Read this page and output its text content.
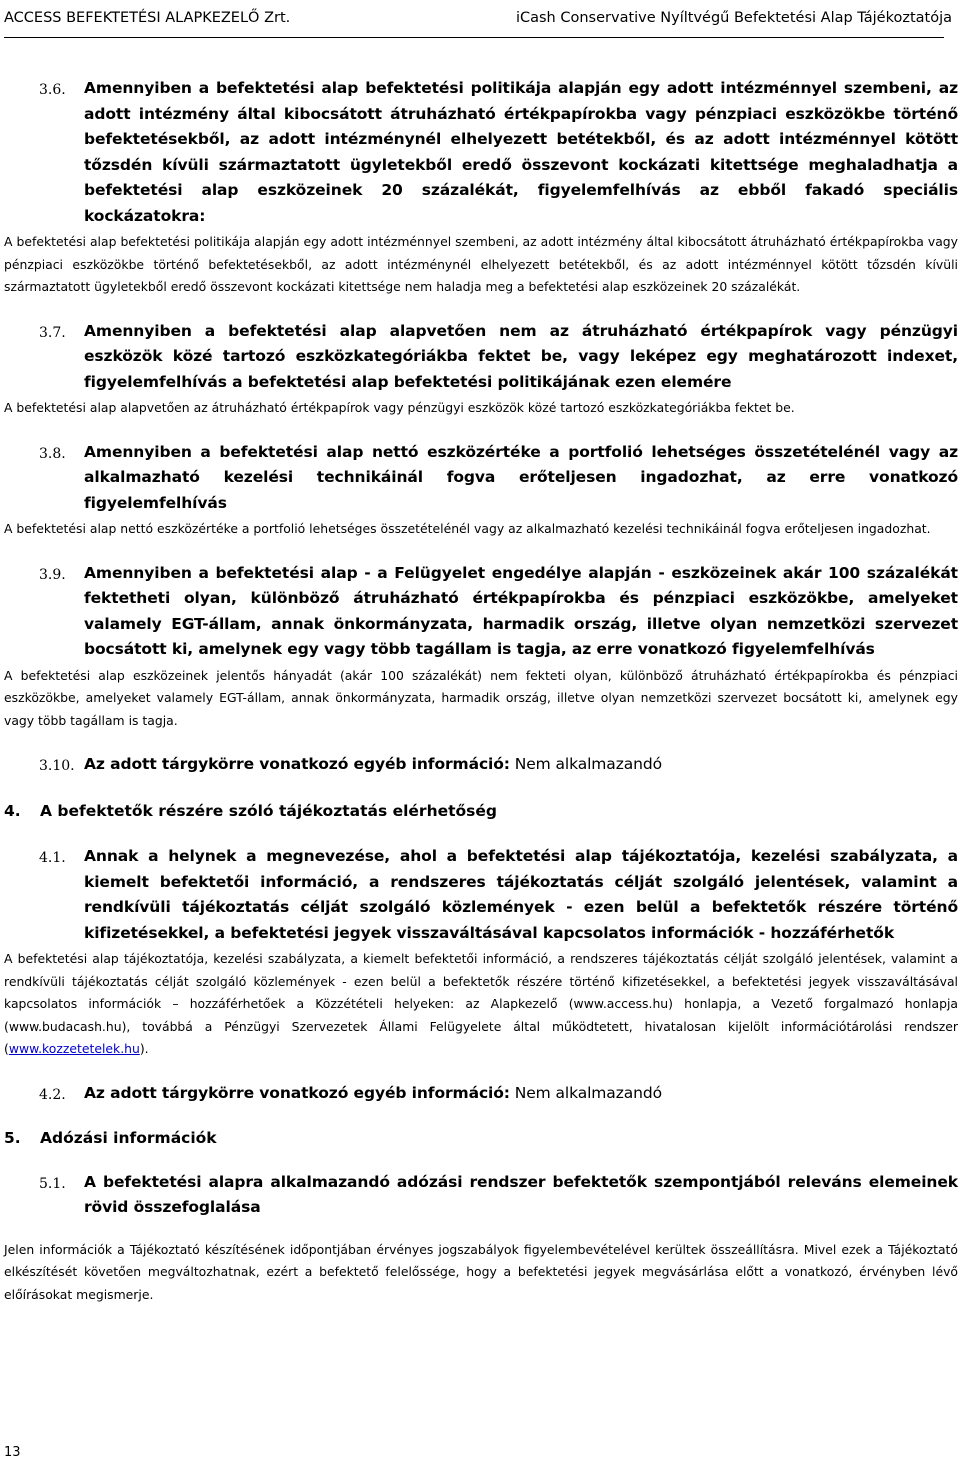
ACCESS BEFEKTETÉSI ALAPKEZELŐ Zrt.	iCash Conservative Nyíltvégű Befektetési Alap Tájékoztatója
3.6.	Amennyiben a befektetési alap befektetési politikája alapján egy adott intézménnyel szembeni, az adott intézmény által kibocsátott átruházható értékpapírokba vagy pénzpiaci eszközökbe történő befektetésekből, az adott intézménynél elhelyezett betétekből, és az adott intézménnyel kötött tőzsdén kívüli származtatott ügyletekből eredő összevont kockázati kitettsége meghaladhatja a befektetési alap eszközeinek 20 százalékát, figyelemfelhívás az ebből fakadó speciális kockázatokra:
A befektetési alap befektetési politikája alapján egy adott intézménnyel szembeni, az adott intézmény által kibocsátott átruházható értékpapírokba vagy pénzpiaci eszközökbe történő befektetésekből, az adott intézménynél elhelyezett betétekből, és az adott intézménnyel kötött tőzsdén kívüli származtatott ügyletekből eredő összevont kockázati kitettsége nem haladja meg a befektetési alap eszközeinek 20 százalékát.
3.7.	Amennyiben a befektetési alap alapvetően nem az átruházható értékpapírok vagy pénzügyi eszközök közé tartozó eszközkategóriákba fektet be, vagy leképez egy meghatározott indexet, figyelemfelhívás a befektetési alap befektetési politikájának ezen elemére
A befektetési alap alapvetően az átruházható értékpapírok vagy pénzügyi eszközök közé tartozó eszközkategóriákba fektet be.
3.8.	Amennyiben a befektetési alap nettó eszközértéke a portfolió lehetséges összetételénél vagy az alkalmazható kezelési technikáinál fogva erőteljesen ingadozhat, az erre vonatkozó figyelemfelhívás
A befektetési alap nettó eszközértéke a portfolió lehetséges összetételénél vagy az alkalmazható kezelési technikáinál fogva erőteljesen ingadozhat.
3.9.	Amennyiben a befektetési alap - a Felügyelet engedélye alapján - eszközeinek akár 100 százalékát fektetheti olyan, különböző átruházható értékpapírokba és pénzpiaci eszközökbe, amelyeket valamely EGT-állam, annak önkormányzata, harmadik ország, illetve olyan nemzetközi szervezet bocsátott ki, amelynek egy vagy több tagállam is tagja, az erre vonatkozó figyelemfelhívás
A befektetési alap eszközeinek jelentős hányadát (akár 100 százalékát) nem fekteti olyan, különböző átruházható értékpapírokba és pénzpiaci eszközökbe, amelyeket valamely EGT-állam, annak önkormányzata, harmadik ország, illetve olyan nemzetközi szervezet bocsátott ki, amelynek egy vagy több tagállam is tagja.
3.10. Az adott tárgykörre vonatkozó egyéb információ: Nem alkalmazandó
4.	A befektetők részére szóló tájékoztatás elérhetőség
4.1.	Annak a helynek a megnevezése, ahol a befektetési alap tájékoztatója, kezelési szabályzata, a kiemelt befektetői információ, a rendszeres tájékoztatás célját szolgáló jelentések, valamint a rendkívüli tájékoztatás célját szolgáló közlemények - ezen belül a befektetők részére történő kifizetésekkel, a befektetési jegyek visszaváltásával kapcsolatos információk - hozzáférhetők
A befektetési alap tájékoztatója, kezelési szabályzata, a kiemelt befektetői információ, a rendszeres tájékoztatás célját szolgáló jelentések, valamint a rendkívüli tájékoztatás célját szolgáló közlemények - ezen belül a befektetők részére történő kifizetésekkel, a befektetési jegyek visszaváltásával kapcsolatos információk – hozzáférhetőek a Közzétételi helyeken: az Alapkezelő (www.access.hu) honlapja, a Vezető forgalmazó honlapja (www.budacash.hu), továbbá a Pénzügyi Szervezetek Állami Felügyelete által működtetett, hivatalosan kijelölt információtárolási rendszer (www.kozzetetelek.hu).
4.2.	Az adott tárgykörre vonatkozó egyéb információ: Nem alkalmazandó
5.	Adózási információk
5.1.	A befektetési alapra alkalmazandó adózási rendszer befektetők szempontjából releváns elemeinek rövid összefoglalása
Jelen információk a Tájékoztató készítésének időpontjában érvényes jogszabályok figyelembevételével kerültek összeállításra. Mivel ezek a Tájékoztató elkészítését követően megváltozhatnak, ezért a befektető felelőssége, hogy a befektetési jegyek megvásárlása előtt a vonatkozó, érvényben lévő előírásokat megismerje.
13
